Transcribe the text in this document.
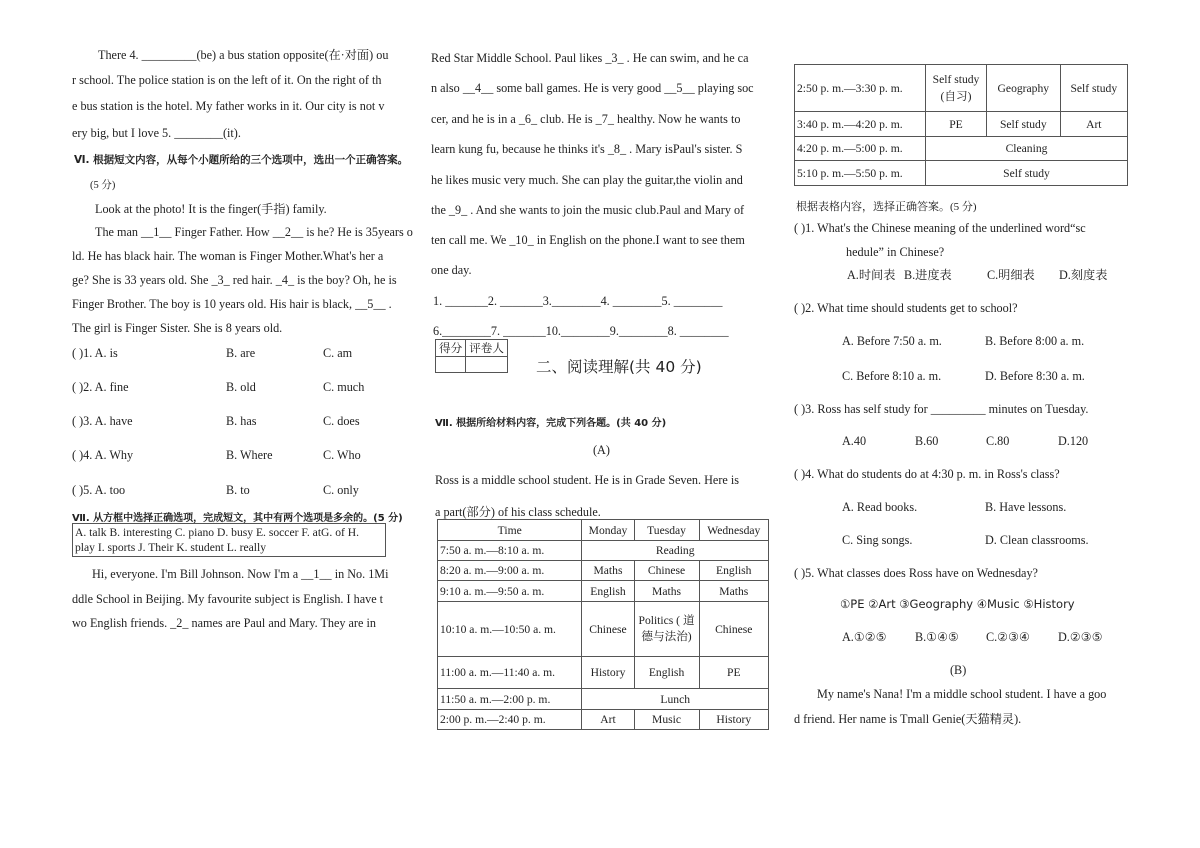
There 4. _________(be) a bus station opposite(在·对面) ou
r school. The police station is on the left of it. On the right of th
e bus station is the hotel. My father works in it. Our city is not v
ery big, but I love 5. ________(it).
Ⅵ. 根据短文内容，从每个小题所给的三个选项中，选出一个正确答案。
(5 分)
Look at the photo! It is the finger(手指) family.
The man __1__ Finger Father. How __2__ is he? He is 35years o
ld. He has black hair. The woman is Finger Mother.What's her a
ge? She is 33 years old. She _3_ red hair. _4_ is the boy? Oh, he is
Finger Brother. The boy is 10 years old. His hair is black, __5__ .
The girl is Finger Sister. She is 8 years old.
( )1. A. is	B. are	C. am
( )2. A. fine	B. old	C. much
( )3. A. have	B. has	C. does
( )4. A. Why	B. Where	C. Who
( )5. A. too	B. to	C. only
Ⅶ. 从方框中选择正确选项，完成短文，其中有两个选项是多余的。(5 分)
A. talk B. interesting C. piano D. busy E. soccer F. atG. of H.
play I. sports J. Their K. student L. really
Hi, everyone. I'm Bill Johnson. Now I'm a __1__ in No. 1Mi
ddle School in Beijing. My favourite subject is English. I have t
wo English friends. _2_ names are Paul and Mary. They are in
Red Star Middle School. Paul likes _3_ . He can swim, and he ca
n also __4__ some ball games. He is very good __5__ playing soc
cer, and he is in a _6_ club. He is _7_ healthy. Now he wants to
learn kung fu, because he thinks it's _8_ . Mary isPaul's sister. S
he likes music very much. She can play the guitar,the violin and
the _9_ . And she wants to join the music club.Paul and Mary of
ten call me. We _10_ in English on the phone.I want to see them
one day.
1. _______2. _______3.________4. ________5. ________
6.________7. _______10.________9.________8. ________
得分	评卷人

二、阅读理解(共 40 分)
Ⅶ. 根据所给材料内容，完成下列各题。(共 40 分)
(A)
Ross is a middle school student. He is in Grade Seven. Here is
a part(部分) of his class schedule.
Time	Monday	Tuesday	Wednesday
7:50 a. m.—8:10 a. m.	Reading		
8:20 a. m.—9:00 a. m.	Maths	Chinese	English
9:10 a. m.—9:50 a. m.	English	Maths	Maths
10:10 a. m.—10:50 a. m.	Chinese	Politics ( 道德与法治)	Chinese
11:00 a. m.—11:40 a. m.	History	English	PE
11:50 a. m.—2:00 p. m.	Lunch		
2:00 p. m.—2:40 p. m.	Art	Music	History
2:50 p. m.—3:30 p. m.	Self study (自习)	Geography	Self study
3:40 p. m.—4:20 p. m.	PE	Self study	Art
4:20 p. m.—5:00 p. m.	Cleaning		
5:10 p. m.—5:50 p. m.	Self study		
根据表格内容，选择正确答案。(5 分)
( )1. What's the Chinese meaning of the underlined word“sc
hedule” in Chinese?
A.时间表 B.进度表	C.明细表 D.刻度表
( )2. What time should students get to school?
A. Before 7:50 a. m.	B. Before 8:00 a. m.
C. Before 8:10 a. m.	D. Before 8:30 a. m.
( )3. Ross has self study for _________ minutes on Tuesday.
A.40	B.60	C.80	D.120
( )4. What do students do at 4:30 p. m. in Ross's class?
A. Read books.	B. Have lessons.
C. Sing songs.	D. Clean classrooms.
( )5. What classes does Ross have on Wednesday?
①PE ②Art ③Geography ④Music ⑤History
A.①②⑤ B.①④⑤ C.②③④ D.②③⑤
(B)
My name's Nana! I'm a middle school student. I have a goo
d friend. Her name is Tmall Genie(天猫精灵).
